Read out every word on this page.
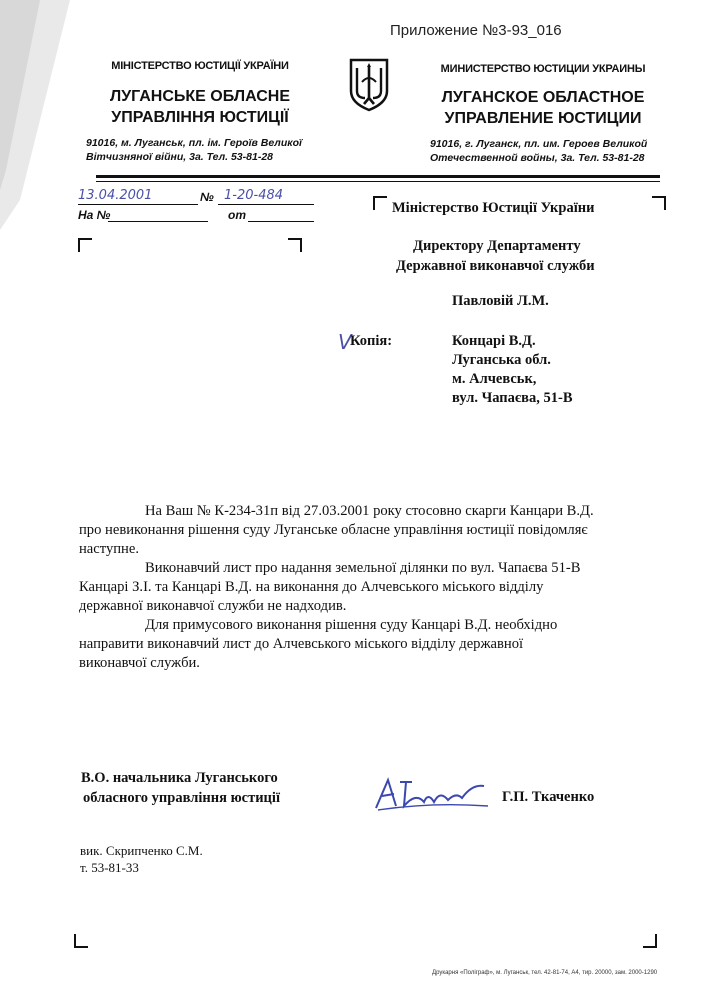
Приложение №3-93_016
МІНІСТЕРСТВО ЮСТИЦІЇ УКРАЇНИ
ЛУГАНСЬКЕ ОБЛАСНЕ
УПРАВЛІННЯ ЮСТИЦІЇ
91016, м. Луганськ, пл. ім. Героїв Великої
Вітчизняної війни, 3а. Тел. 53-81-28
МИНИСТЕРСТВО ЮСТИЦИИ УКРАИНЫ
ЛУГАНСКОЕ ОБЛАСТНОЕ
УПРАВЛЕНИЕ ЮСТИЦИИ
91016, г. Луганск, пл. им. Героев Великой
Отечественной войны, 3а. Тел. 53-81-28
13.04.2001	№ 1-20-484
На №	от	Міністерство Юстиції України
Директору Департаменту
Державної виконавчої служби
Павловій Л.М.
V
Копія:	Концарі В.Д.
Луганська обл.
м. Алчевськ,
вул. Чапаєва, 51-В
На Ваш № К-234-31п від 27.03.2001 року стосовно скарги Канцари В.Д.
про невиконання рішення суду Луганське обласне управління юстиції повідомляє
наступне.
Виконавчий лист про надання земельної ділянки по вул. Чапаєва 51-В
Канцарі З.І. та Канцарі В.Д. на виконання до Алчевського міського відділу
державної виконавчої служби не надходив.
Для примусового виконання рішення суду Канцарі В.Д. необхідно
направити виконавчий лист до Алчевського міського відділу державної
виконавчої служби.
В.О. начальника Луганського
обласного управління юстиції	Г.П. Ткаченко
вик. Скрипченко С.М.
т. 53-81-33
Друкарня «Поліграф», м. Луганськ, тел. 42-81-74, А4, тир. 20000, зам. 2000-1290
